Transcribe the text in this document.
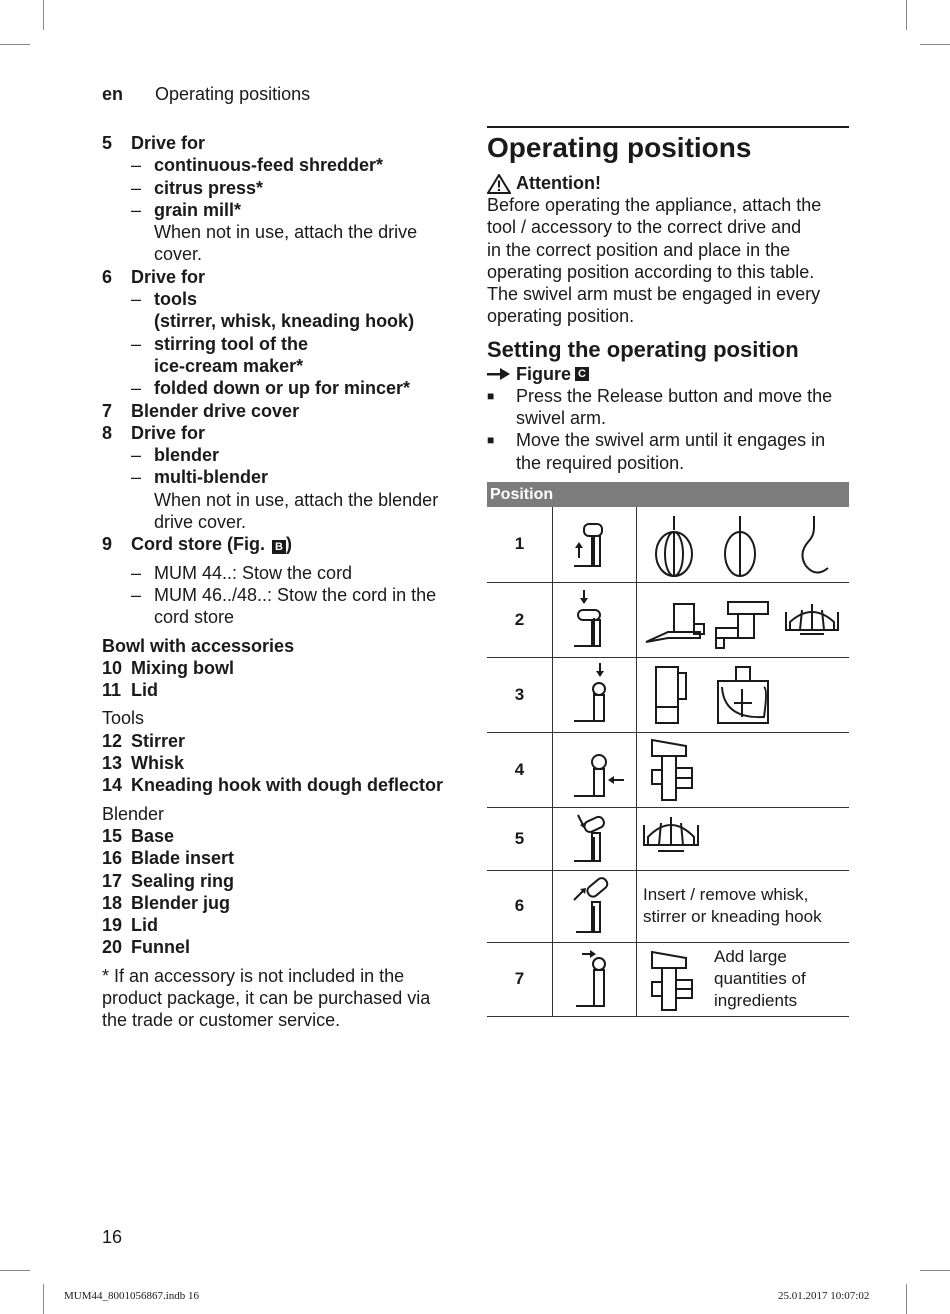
en Operating positions
5	Drive for
– continuous-feed shredder*
– citrus press*
– grain mill*
When not in use, attach the drive
cover.
6	Drive for
– tools
(stirrer, whisk, kneading hook)
– stirring tool of the
ice-cream maker*
– folded down or up for mincer*
7	Blender drive cover
8	Drive for
– blender
– multi-blender
When not in use, attach the blender
drive cover.
9	Cord store (Fig. B )
– MUM 44..: Stow the cord
– MUM 46../48..: Stow the cord in the
cord store
Bowl with accessories
10 Mixing bowl
11 Lid
Tools
12 Stirrer
13 Whisk
14 Kneading hook with dough deflector
Blender
15 Base
16 Blade insert
17 Sealing ring
18 Blender jug
19 Lid
20 Funnel
* If an accessory is not included in the
product package, it can be purchased via
the trade or customer service.
Operating positions
Attention!
Before operating the appliance, attach the
tool / accessory to the correct drive and
in the correct position and place in the
operating position according to this table.
The swivel arm must be engaged in every
operating position.
Setting the operating position
Figure C
■	Press the Release button and move the
swivel arm.
■	Move the swivel arm until it engages in
the required position.
Position		
1	

2	

3	

4	

5	

6		Insert / remove whisk,
stirrer or kneading hook

7		Add large
quantities of
ingredients
16
MUM44_8001056867.indb 16	25.01.2017 10:07:02
